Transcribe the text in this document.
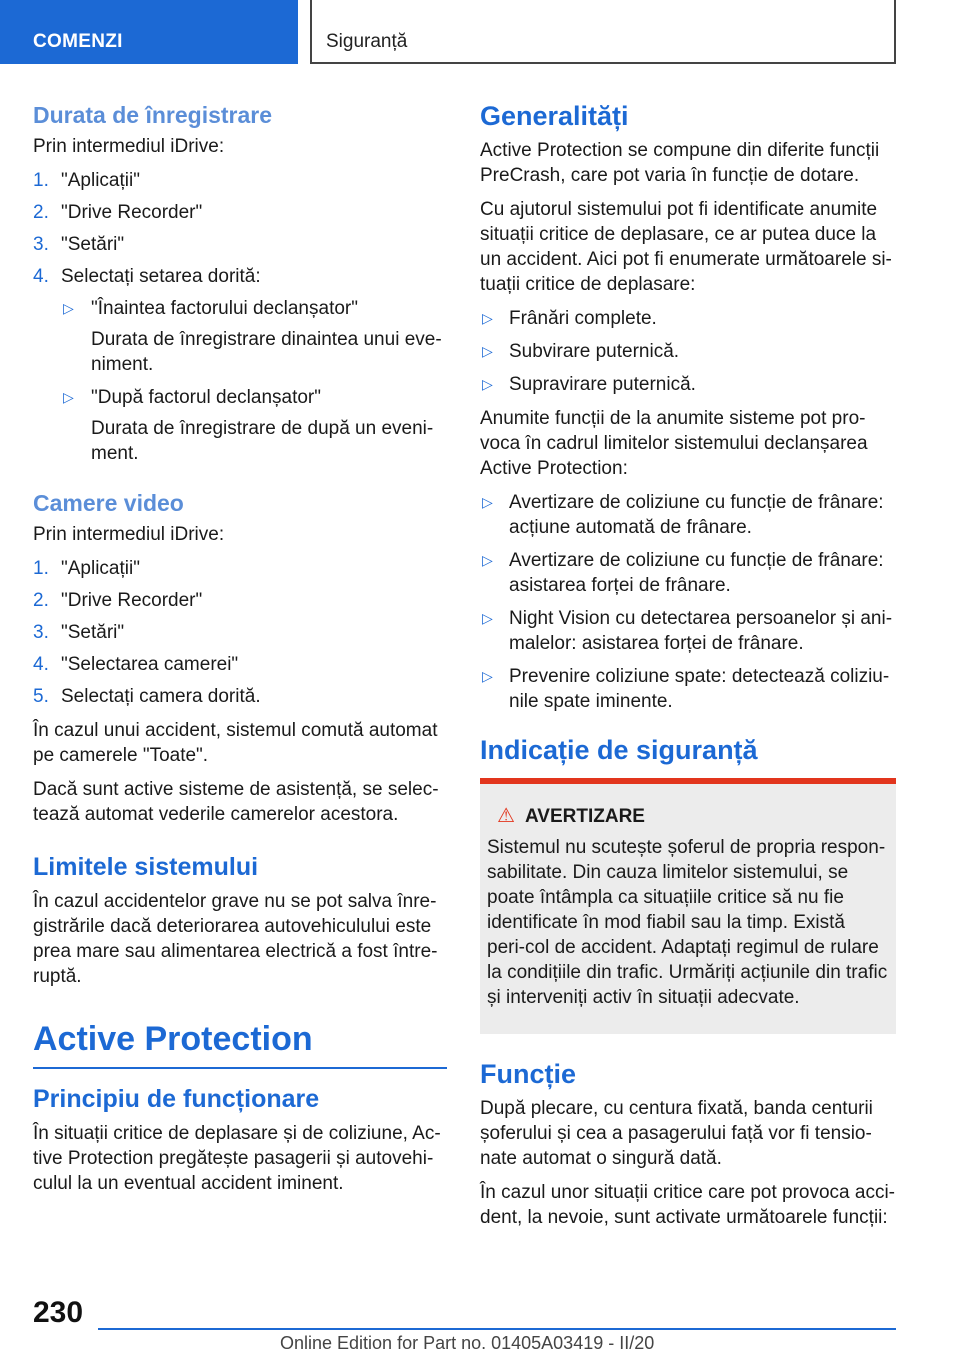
COMENZI	Siguranță
Durata de înregistrare

Prin intermediul iDrive:

1. "Aplicații"
2. "Drive Recorder"
3. "Setări"
4. Selectați setarea dorită:
▷ "Înaintea factorului declanșator"
Durata de înregistrare dinaintea unui eve-niment.
▷ "După factorul declanșator"
Durata de înregistrare de după un eveni-ment.
Camere video

Prin intermediul iDrive:

1. "Aplicații"
2. "Drive Recorder"
3. "Setări"
4. "Selectarea camerei"
5. Selectați camera dorită.

În cazul unui accident, sistemul comută automat pe camerele "Toate".

Dacă sunt active sisteme de asistență, se selec-tează automat vederile camerelor acestora.

Limitele sistemului

În cazul accidentelor grave nu se pot salva înre-gistrările dacă deteriorarea autovehiculului este prea mare sau alimentarea electrică a fost între-ruptă.

Active Protection
Principiu de funcționare

În situații critice de deplasare și de coliziune, Ac-tive Protection pregătește pasagerii și autovehi-culul la un eventual accident iminent.

Generalități

Active Protection se compune din diferite funcții PreCrash, care pot varia în funcție de dotare.

Cu ajutorul sistemului pot fi identificate anumite situații critice de deplasare, ce ar putea duce la un accident. Aici pot fi enumerate următoarele si-tuații critice de deplasare:

▷ Frânări complete.
▷ Subvirare puternică.
▷ Supravirare puternică.

Anumite funcții de la anumite sisteme pot pro-voca în cadrul limitelor sistemului declanșarea Active Protection:

▷ Avertizare de coliziune cu funcție de frânare: acțiune automată de frânare.
▷ Avertizare de coliziune cu funcție de frânare: asistarea forței de frânare.
▷ Night Vision cu detectarea persoanelor și ani-malelor: asistarea forței de frânare.
▷ Prevenire coliziune spate: detectează coliziu-nile spate iminente.
Indicație de siguranță
⚠ AVERTIZARE

Sistemul nu scutește șoferul de propria respon-sabilitate. Din cauza limitelor sistemului, se poate întâmpla ca situațiile critice să nu fie identificate în mod fiabil sau la timp. Există peri-col de accident. Adaptați regimul de rulare la condițiile din trafic. Urmăriți acțiunile din trafic și interveniți activ în situații adecvate.

Funcție

După plecare, cu centura fixată, banda centurii șoferului și cea a pasagerului față vor fi tensio-nate automat o singură dată.

În cazul unor situații critice care pot provoca acci-dent, la nevoie, sunt activate următoarele funcții:

230
Online Edition for Part no. 01405A03419 - II/20
